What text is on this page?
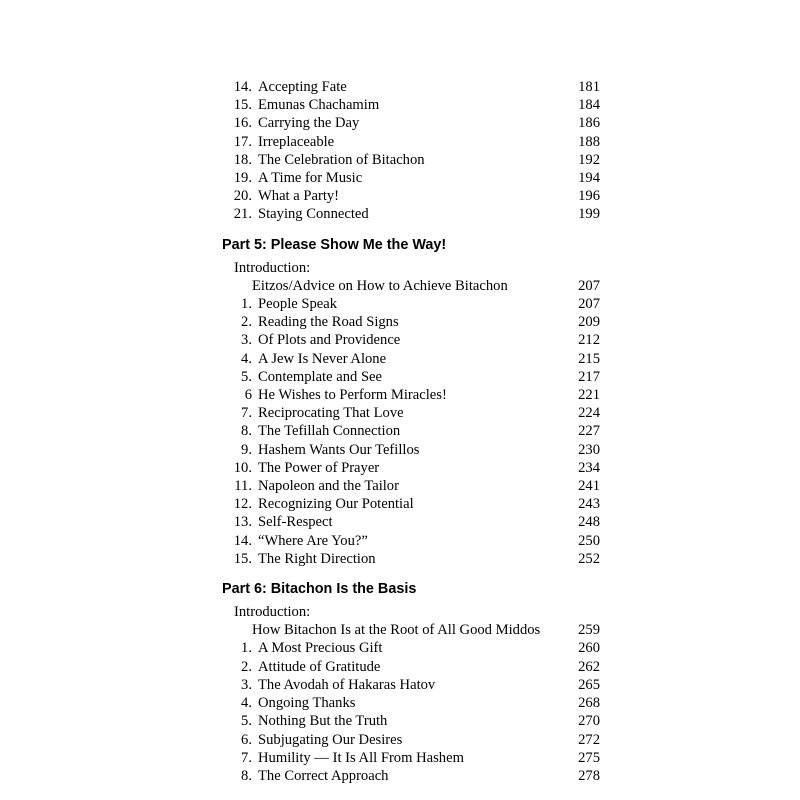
14. Accepting Fate	181
15. Emunas Chachamim	184
16. Carrying the Day	186
17. Irreplaceable	188
18. The Celebration of Bitachon	192
19. A Time for Music	194
20. What a Party!	196
21. Staying Connected	199
Part 5: Please Show Me the Way!
Introduction:
Eitzos/Advice on How to Achieve Bitachon	207
1. People Speak	207
2. Reading the Road Signs	209
3. Of Plots and Providence	212
4. A Jew Is Never Alone	215
5. Contemplate and See	217
6 He Wishes to Perform Miracles!	221
7. Reciprocating That Love	224
8. The Tefillah Connection	227
9. Hashem Wants Our Tefillos	230
10. The Power of Prayer	234
11. Napoleon and the Tailor	241
12. Recognizing Our Potential	243
13. Self-Respect	248
14. “Where Are You?”	250
15. The Right Direction	252
Part 6: Bitachon Is the Basis
Introduction:
How Bitachon Is at the Root of All Good Middos	259
1. A Most Precious Gift	260
2. Attitude of Gratitude	262
3. The Avodah of Hakaras Hatov	265
4. Ongoing Thanks	268
5. Nothing But the Truth	270
6. Subjugating Our Desires	272
7. Humility — It Is All From Hashem	275
8. The Correct Approach	278
